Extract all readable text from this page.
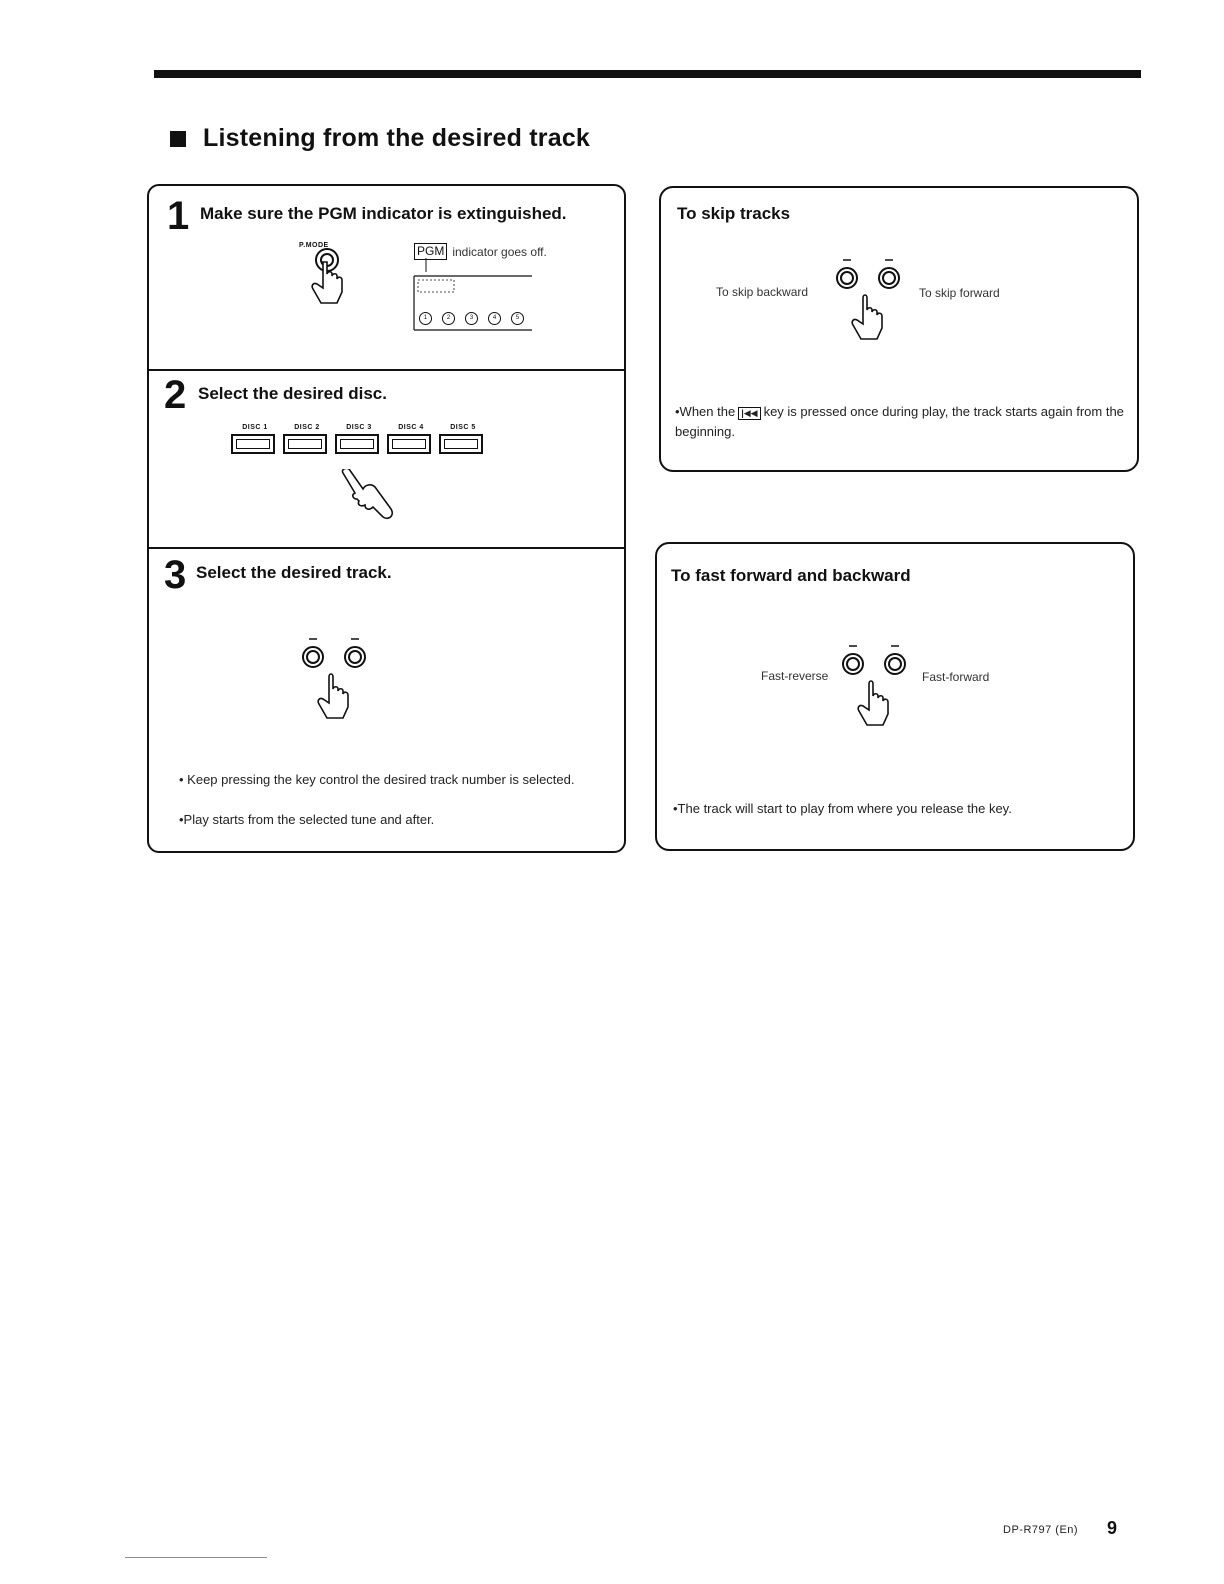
Listening from the desired track
1 Make sure the PGM indicator is extinguished.
P.MODE	PGM indicator goes off.
1	2	3	4	5
2 Select the desired disc.
DISC 1	DISC 2	DISC 3	DISC 4	DISC 5
3 Select the desired track.
• Keep pressing the key control the desired track number is selected.
•Play starts from the selected tune and after.
To skip tracks
To skip backward	To skip forward
•When the |◀◀ key is pressed once during play, the track starts again from the beginning.
To fast forward and backward
Fast-reverse	Fast-forward
•The track will start to play from where you release the key.
DP-R797 (En) 9
